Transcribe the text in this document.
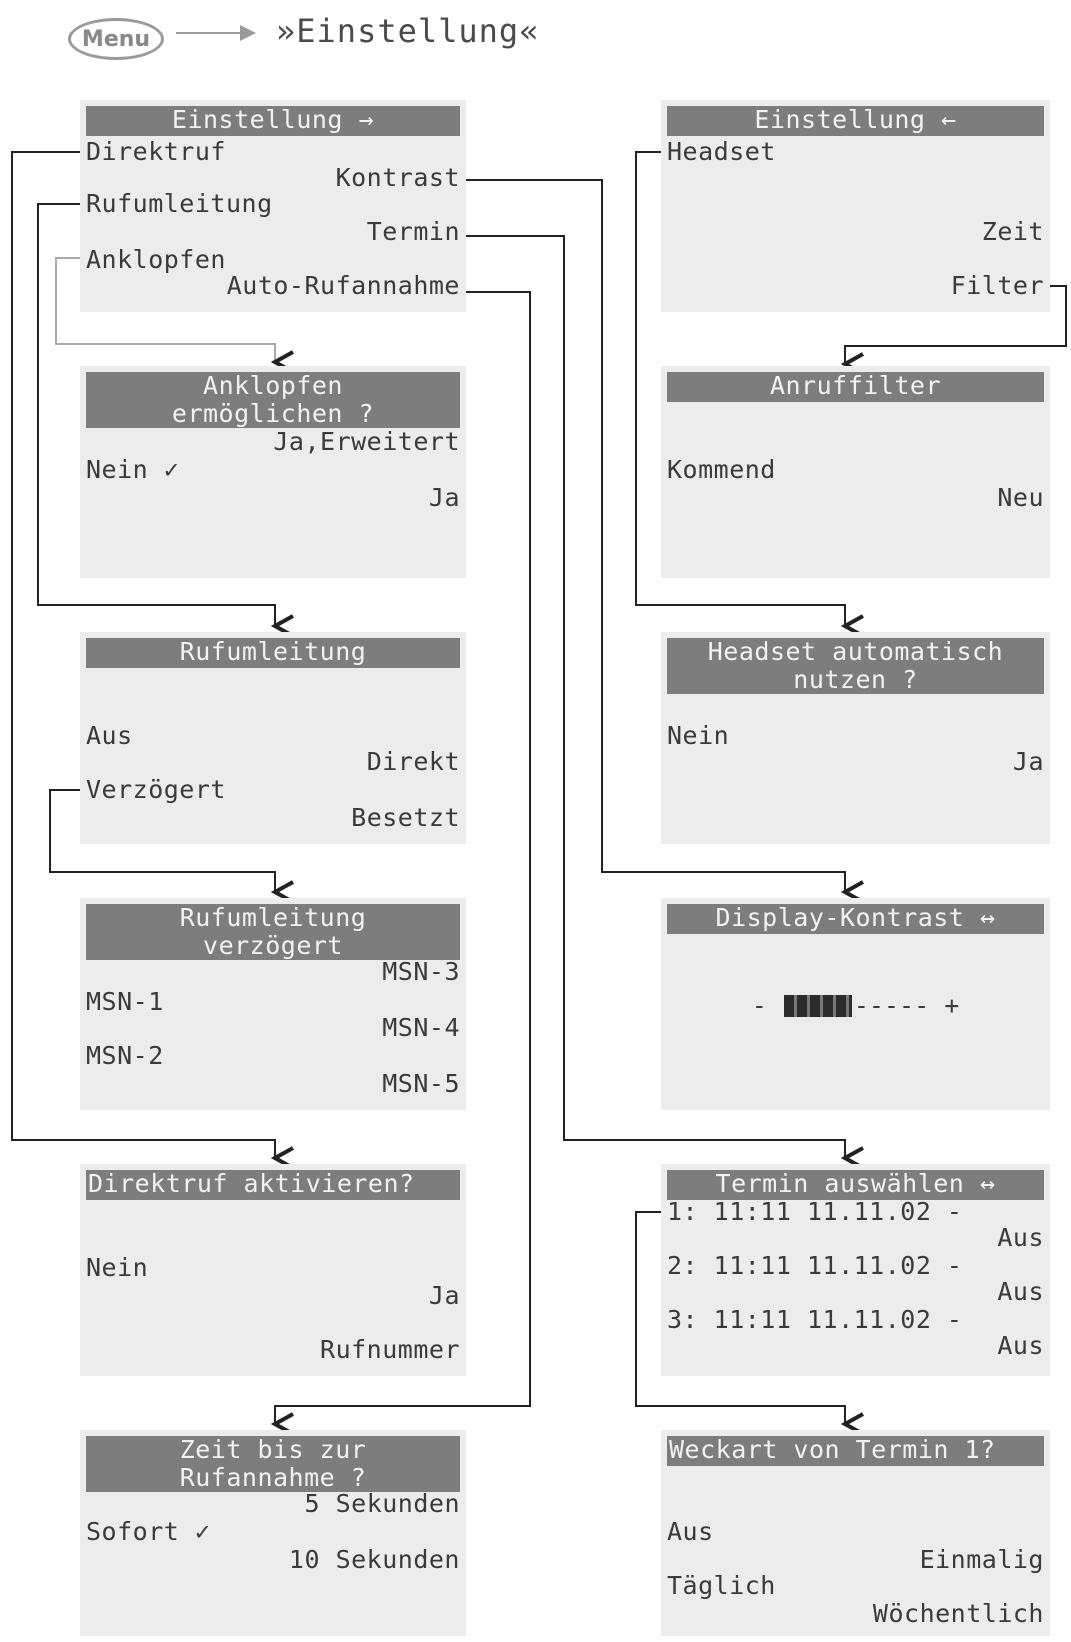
Menu	»Einstellung«
Einstellung →
Direktruf
Kontrast
Rufumleitung
Termin
Anklopfen
Auto-Rufannahme
Anklopfen
ermöglichen ?
Ja,Erweitert
Nein ✓
Ja
Rufumleitung
Aus
Direkt
Verzögert
Besetzt
Rufumleitung
verzögert
MSN-3
MSN-1
MSN-4
MSN-2
MSN-5
Direktruf aktivieren?
Nein
Ja
Rufnummer
Zeit bis zur
Rufannahme ?
5 Sekunden
Sofort ✓
10 Sekunden
Einstellung ←
Headset
Zeit
Filter
Anruffilter
Kommend
Neu
Headset automatisch
nutzen ?
Nein
Ja
Display-Kontrast ↔
-	----- +
Termin auswählen ↔
1: 11:11 11.11.02 -
Aus
2: 11:11 11.11.02 -
Aus
3: 11:11 11.11.02 -
Aus
Weckart von Termin 1?
Aus
Einmalig
Täglich
Wöchentlich
